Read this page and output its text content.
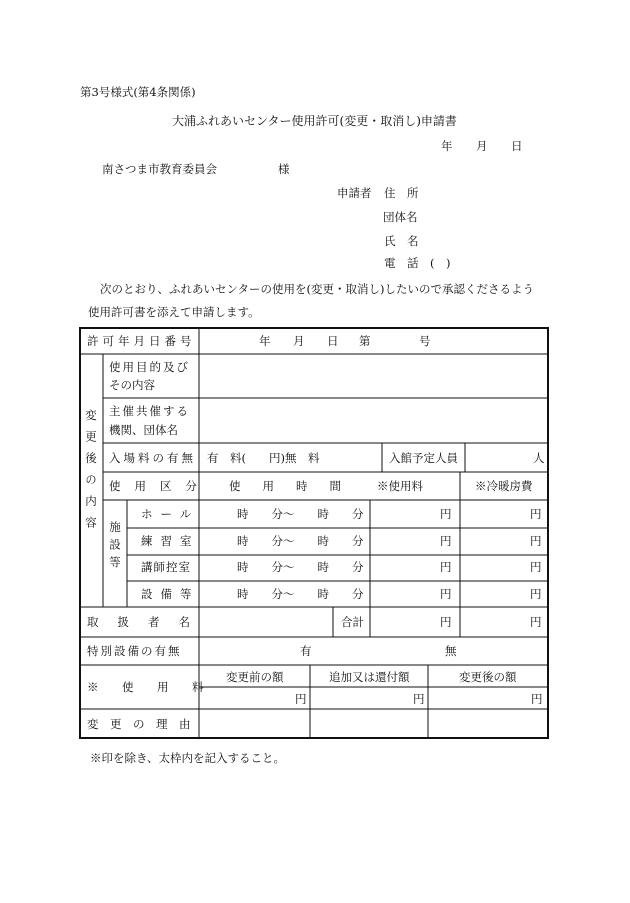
第3号様式(第4条関係)
大浦ふれあいセンター使用許可(変更・取消し)申請書
年 月 日
南さつま市教育委員会	様
申請者 住　所
団体名
氏　名
電　話　(　)
次のとおり、ふれあいセンターの使用を(変更・取消し)したいので承認くださるよう
使用許可書を添えて申請します。
許可年月日番号	年 月 日 第	号
変更後の内容
使用目的及び
その内容
主催共催する
機関、団体名
入場料の有無 有　料(　　円)無　料	入館予定人員	人
使用区分 使用時間 ※使用料	※冷暖房費
施設等
ホール	時　　分〜　　時　　分	円	円
練習室	時　　分〜　　時　　分	円	円
講師控室	時　　分〜　　時　　分	円	円
設備等	時　　分〜　　時　　分	円	円
取扱者名	合計	円	円
特別設備の有無	有	無
※　使　用　料
変更前の額	追加又は還付額	変更後の額
円	円	円
変　更　の　理　由
※印を除き、太枠内を記入すること。
